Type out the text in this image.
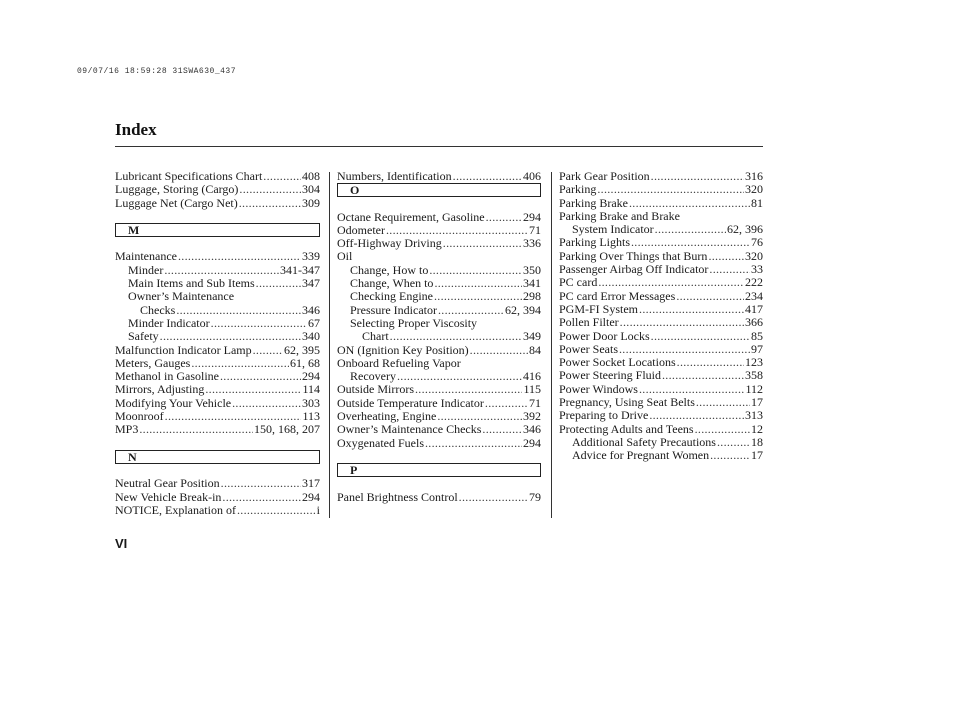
09/07/16 18:59:28 31SWA630_437
Index
Lubricant Specifications Chart .....	408
Luggage, Storing (Cargo) .....	304
Luggage Net (Cargo Net) .....	309
M
Maintenance .....	339
Minder .....	341-347
Main Items and Sub Items .....	347
Owner’s Maintenance
Checks .....	346
Minder Indicator .....	67
Safety .....	340
Malfunction Indicator Lamp .....	62, 395
Meters, Gauges .....	61, 68
Methanol in Gasoline .....	294
Mirrors, Adjusting .....	114
Modifying Your Vehicle .....	303
Moonroof .....	113
MP3 .....	150, 168, 207
N
Neutral Gear Position .....	317
New Vehicle Break-in .....	294
NOTICE, Explanation of .....	i
Numbers, Identification .....	406
O
Octane Requirement, Gasoline .....	294
Odometer .....	71
Off-Highway Driving .....	336
Oil
Change, How to .....	350
Change, When to .....	341
Checking Engine .....	298
Pressure Indicator .....	62, 394
Selecting Proper Viscosity
Chart .....	349
ON (Ignition Key Position) .....	84
Onboard Refueling Vapor
Recovery .....	416
Outside Mirrors .....	115
Outside Temperature Indicator .....	71
Overheating, Engine .....	392
Owner’s Maintenance Checks .....	346
Oxygenated Fuels .....	294
P
Panel Brightness Control .....	79
Park Gear Position .....	316
Parking .....	320
Parking Brake .....	81
Parking Brake and Brake
System Indicator .....	62, 396
Parking Lights .....	76
Parking Over Things that Burn .....	320
Passenger Airbag Off Indicator .....	33
PC card .....	222
PC card Error Messages .....	234
PGM-FI System .....	417
Pollen Filter .....	366
Power Door Locks .....	85
Power Seats .....	97
Power Socket Locations .....	123
Power Steering Fluid .....	358
Power Windows .....	112
Pregnancy, Using Seat Belts .....	17
Preparing to Drive .....	313
Protecting Adults and Teens .....	12
Additional Safety Precautions .....	18
Advice for Pregnant Women .....	17
VI
